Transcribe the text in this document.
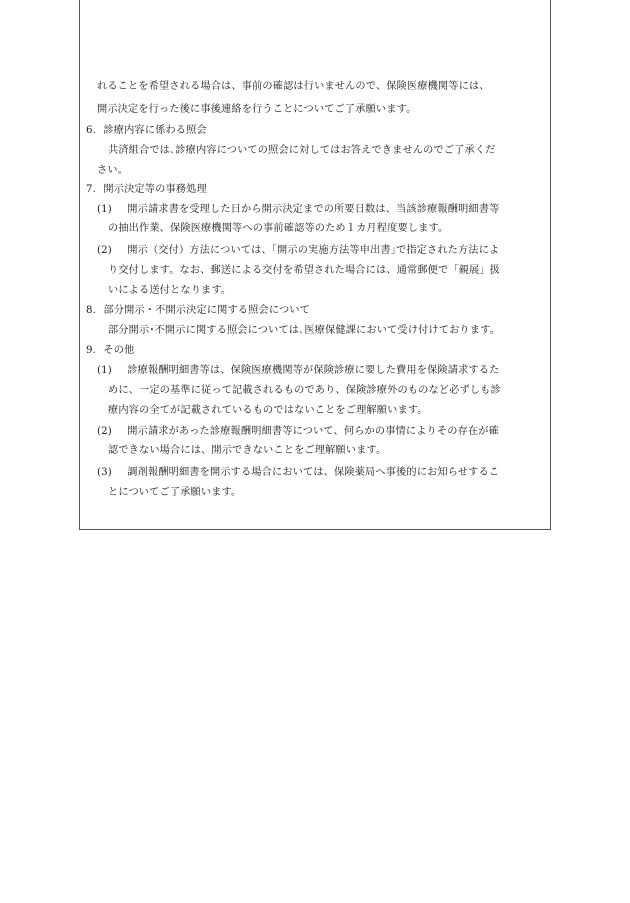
れることを希望される場合は、事前の確認は行いませんので、保険医療機関等には、
開示決定を行った後に事後連絡を行うことについてご了承願います。
6. 診療内容に係わる照会
共済組合では､診療内容についての照会に対してはお答えできませんのでご了承くだ
さい。
7. 開示決定等の事務処理
(1) 開示請求書を受理した日から開示決定までの所要日数は、当該診療報酬明細書等
の抽出作業、保険医療機関等への事前確認等のため１カ月程度要します。
(2) 開示（交付）方法については、｢開示の実施方法等申出書｣で指定された方法によ
り交付します。なお、郵送による交付を希望された場合には、通常郵便で「親展」扱
いによる送付となります。
8. 部分開示・不開示決定に関する照会について
部分開示･不開示に関する照会については､医療保健課において受け付けております。
9. その他
(1) 診療報酬明細書等は、保険医療機関等が保険診療に要した費用を保険請求するた
めに、一定の基準に従って記載されるものであり、保険診療外のものなど必ずしも診
療内容の全てが記載されているものではないことをご理解願います。
(2) 開示請求があった診療報酬明細書等について、何らかの事情によりその存在が確
認できない場合には、開示できないことをご理解願います。
(3) 調剤報酬明細書を開示する場合においては、保険薬局へ事後的にお知らせするこ
とについてご了承願います。
